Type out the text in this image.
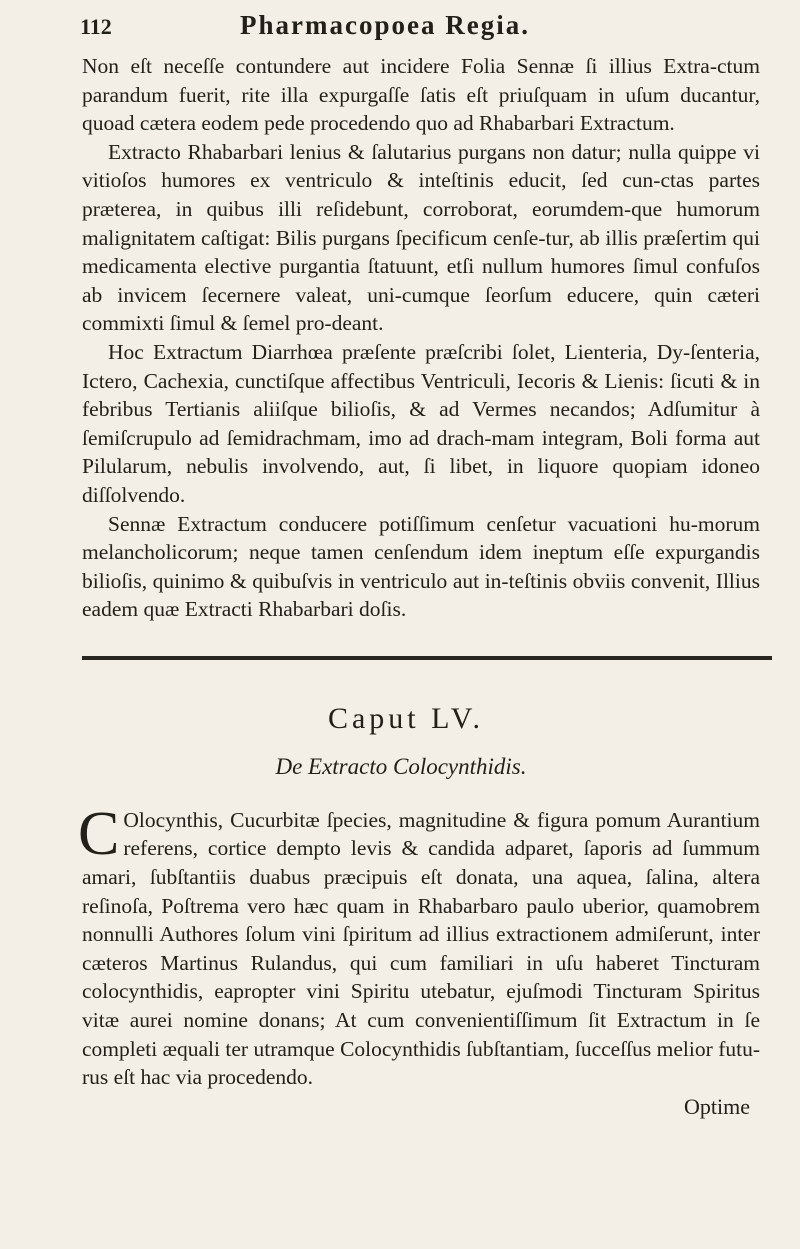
112	Pharmacopoea Regia.

Non eſt neceſſe contundere aut incidere Folia Sennæ ſi illius Extra-ctum parandum fuerit, rite illa expurgaſſe ſatis eſt priuſquam in uſum ducantur, quoad cætera eodem pede procedendo quo ad Rhabarbari Extractum.

Extracto Rhabarbari lenius & ſalutarius purgans non datur; nulla quippe vi vitioſos humores ex ventriculo & inteſtinis educit, ſed cun-ctas partes præterea, in quibus illi reſidebunt, corroborat, eorumdem-que humorum malignitatem caſtigat: Bilis purgans ſpecificum cenſe-tur, ab illis præſertim qui medicamenta elective purgantia ſtatuunt, etſi nullum humores ſimul confuſos ab invicem ſecernere valeat, uni-cumque ſeorſum educere, quin cæteri commixti ſimul & ſemel pro-deant.

Hoc Extractum Diarrhœa præſente præſcribi ſolet, Lienteria, Dy-ſenteria, Ictero, Cachexia, cunctiſque affectibus Ventriculi, Iecoris & Lienis: ſicuti & in febribus Tertianis aliiſque bilioſis, & ad Vermes necandos; Adſumitur à ſemiſcrupulo ad ſemidrachmam, imo ad drach-mam integram, Boli forma aut Pilularum, nebulis involvendo, aut, ſi libet, in liquore quopiam idoneo diſſolvendo.

Sennæ Extractum conducere potiſſimum cenſetur vacuationi hu-morum melancholicorum; neque tamen cenſendum idem ineptum eſſe expurgandis bilioſis, quinimo & quibuſvis in ventriculo aut in-teſtinis obviis convenit, Illius eadem quæ Extracti Rhabarbari doſis.

Caput LV.
De Extracto Colocynthidis.

C Olocynthis, Cucurbitæ ſpecies, magnitudine & figura pomum Aurantium referens, cortice dempto levis & candida adparet, ſaporis ad ſummum amari, ſubſtantiis duabus præcipuis eſt donata, una aquea, ſalina, altera reſinoſa, Poſtrema vero hæc quam in Rhabarbaro paulo uberior, quamobrem nonnulli Authores ſolum vini ſpiritum ad illius extractionem admiſerunt, inter cæteros Martinus Rulandus, qui cum familiari in uſu haberet Tincturam colocynthidis, eapropter vini Spiritu utebatur, ejuſmodi Tincturam Spiritus vitæ aurei nomine donans; At cum convenientiſſimum ſit Extractum in ſe completi æquali ter utramque Colocynthidis ſubſtantiam, ſucceſſus melior futu-rus eſt hac via procedendo.

Optime
